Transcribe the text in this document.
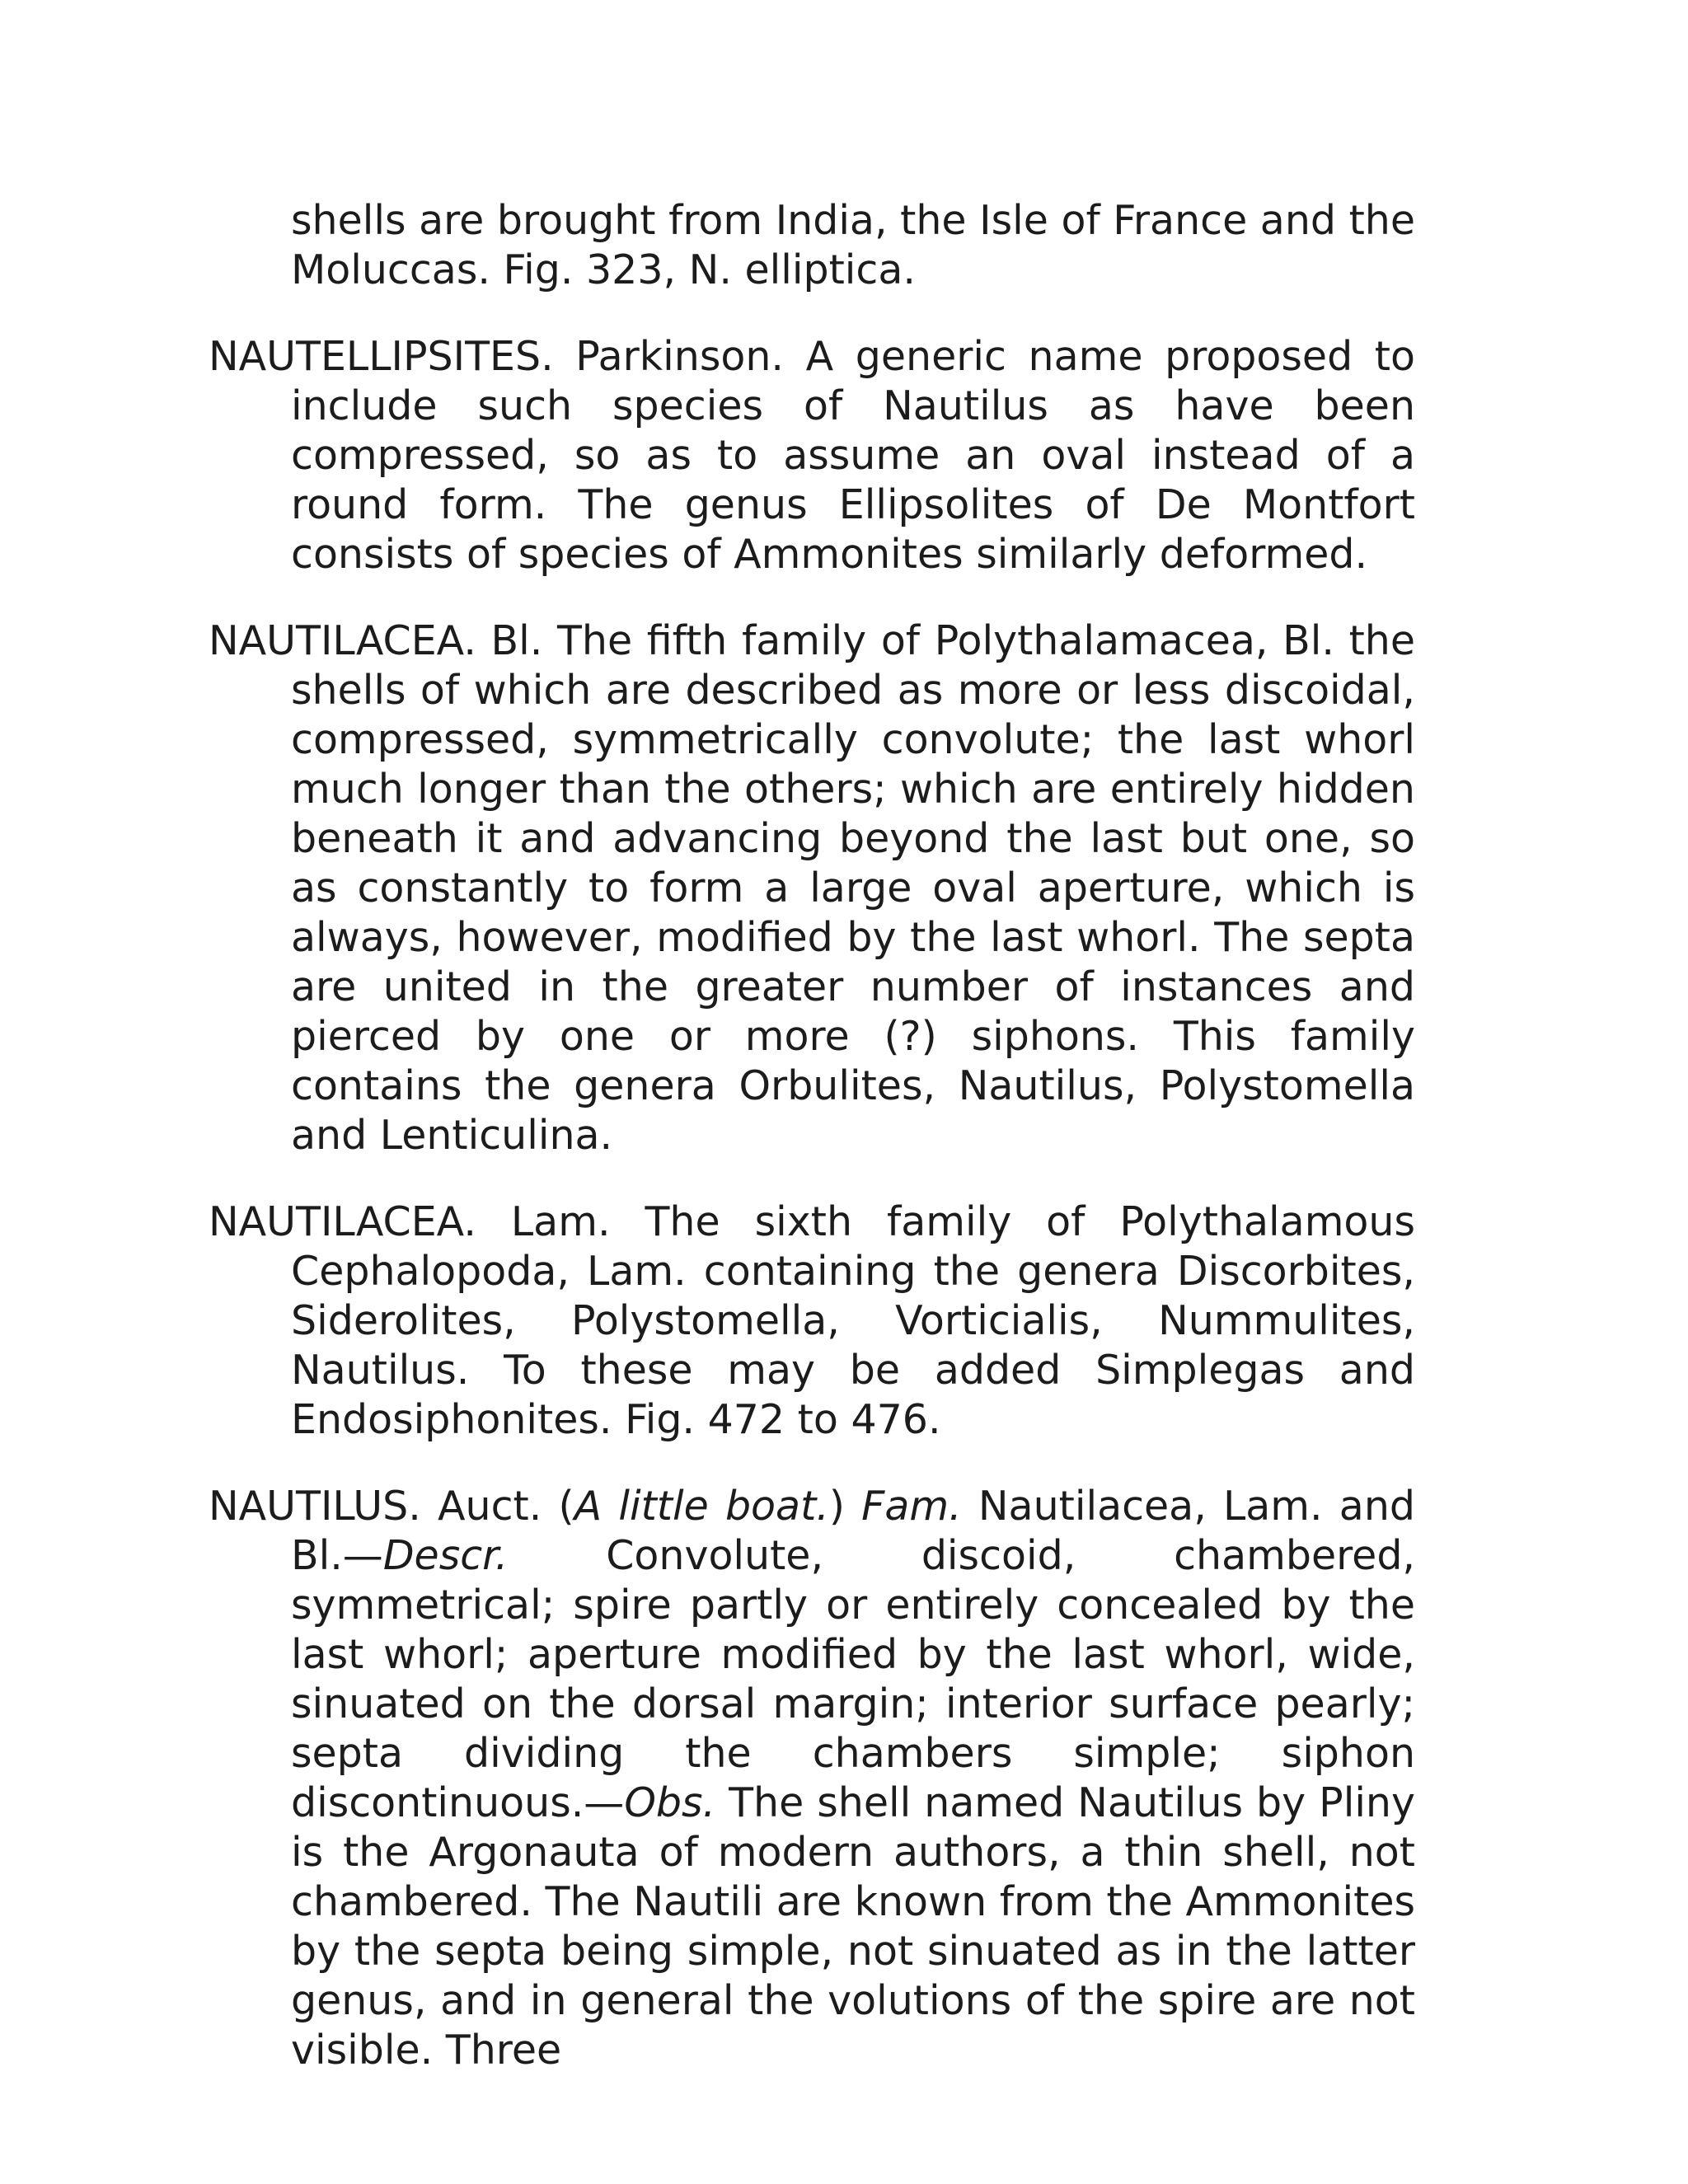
shells are brought from India, the Isle of France and the Moluccas. Fig. 323, N. elliptica.

NAUTELLIPSITES. Parkinson. A generic name proposed to include such species of Nautilus as have been compressed, so as to assume an oval instead of a round form. The genus Ellipsolites of De Montfort consists of species of Ammonites similarly deformed.

NAUTILACEA. Bl. The fifth family of Polythalamacea, Bl. the shells of which are described as more or less discoidal, compressed, symmetrically convolute; the last whorl much longer than the others; which are entirely hidden beneath it and advancing beyond the last but one, so as constantly to form a large oval aperture, which is always, however, modified by the last whorl. The septa are united in the greater number of instances and pierced by one or more (?) siphons. This family contains the genera Orbulites, Nautilus, Polystomella and Lenticulina.

NAUTILACEA. Lam. The sixth family of Polythalamous Cephalopoda, Lam. containing the genera Discorbites, Siderolites, Polystomella, Vorticialis, Nummulites, Nautilus. To these may be added Simplegas and Endosiphonites. Fig. 472 to 476.

NAUTILUS. Auct. (A little boat.) Fam. Nautilacea, Lam. and Bl.—Descr. Convolute, discoid, chambered, symmetrical; spire partly or entirely concealed by the last whorl; aperture modified by the last whorl, wide, sinuated on the dorsal margin; interior surface pearly; septa dividing the chambers simple; siphon discontinuous.—Obs. The shell named Nautilus by Pliny is the Argonauta of modern authors, a thin shell, not chambered. The Nautili are known from the Ammonites by the septa being simple, not sinuated as in the latter genus, and in general the volutions of the spire are not visible. Three
